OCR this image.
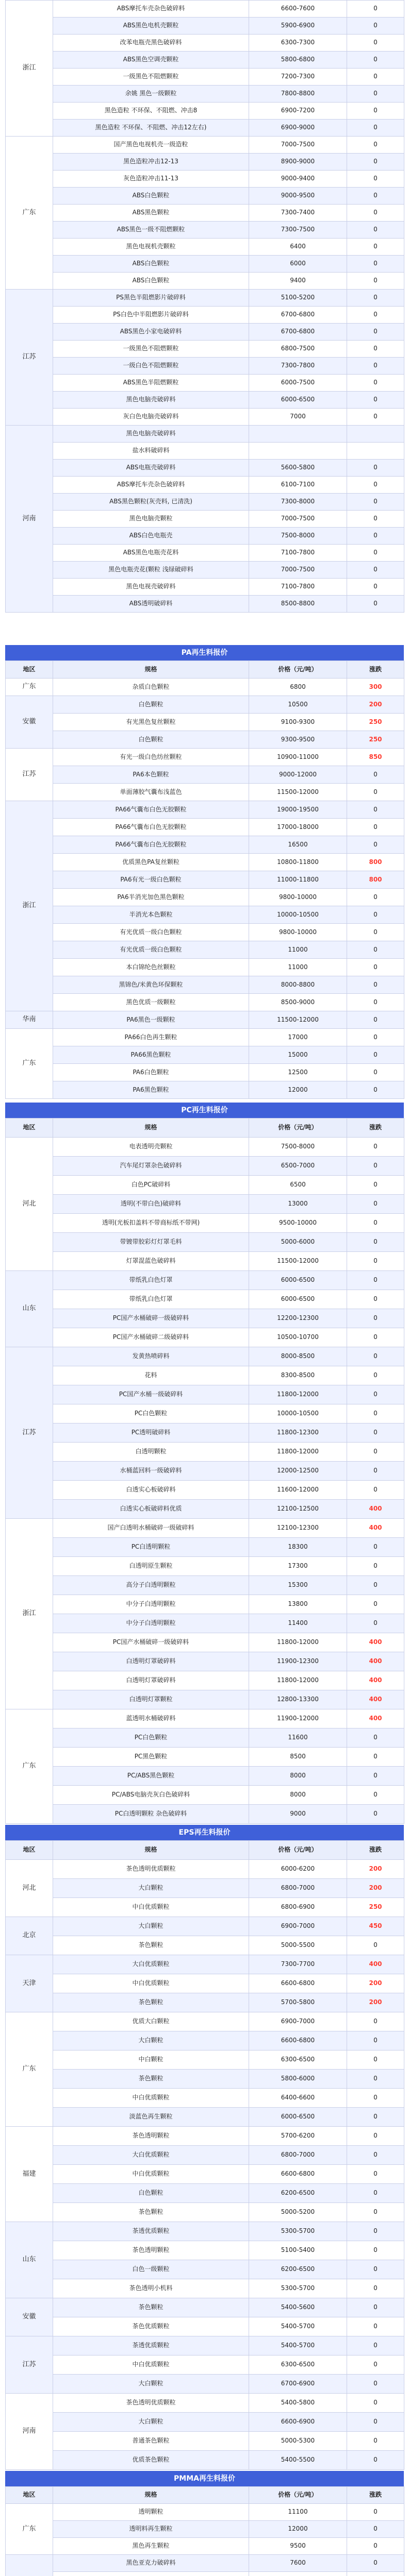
浙江	ABS摩托车壳杂色破碎料	6600-7600	0
	ABS黑色电机壳颗粒	5900-6900	0
	改苯电瓶壳黑色破碎料	6300-7300	0
	ABS黑色空调壳颗粒	5800-6800	0
	一级黑色不阻燃颗粒	7200-7300	0
	余姚 黑色一级颗粒	7800-8800	0
	黑色造粒 不环保、不阻燃、冲击8	6900-7200	0
	黑色造粒 不环保、不阻燃、冲击12左右)	6900-9000	0
广东	国产黑色电视机壳一级造粒	7000-7500	0
	黑色造粒冲击12-13	8900-9000	0
	灰色造粒冲击11-13	9000-9400	0
	ABS白色颗粒	9000-9500	0
	ABS黑色颗粒	7300-7400	0
	ABS黑色一级不阻燃颗粒	7300-7500	0
	黑色电视机壳颗粒	6400	0
	ABS白色颗粒	6000	0
	ABS白色颗粒	9400	0
江苏	PS黑色半阻燃影片破碎料	5100-5200	0
	PS白色中半阻燃影片破碎料	6700-6800	0
	ABS黑色小家电破碎料	6700-6800	0
	一级黑色不阻燃颗粒	6800-7500	0
	一级白色不阻燃颗粒	7300-7800	0
	ABS黑色半阻燃颗粒	6000-7500	0
	黑色电脑壳破碎料	6000-6500	0
	灰白色电脑壳破碎料	7000	0
河南	黑色电脑壳破碎料		
	盐水料破碎料		
	ABS电瓶壳破碎料	5600-5800	0
	ABS摩托车壳杂色破碎料	6100-7100	0
	ABS黑色颗粒(灰壳料, 已清洗)	7300-8000	0
	黑色电脑壳颗粒	7000-7500	0
	ABS白色电瓶壳	7500-8000	0
	ABS黑色电瓶壳花料	7100-7800	0
	黑色电瓶壳花(颗粒 浅绿破碎料	7000-7500	0
	黑色电视壳破碎料	7100-7800	0
	ABS透明破碎料	8500-8800	0
PA再生料报价
地区	规格	价格（元/吨）	涨跌
广东	杂质白色颗粒	6800	300
安徽	白色颗粒	10500	200
	有光黑色复丝颗粒	9100-9300	250
	白色颗粒	9300-9500	250
江苏	有光一级白色纺丝颗粒	10900-11000	850
	PA6本色颗粒	9000-12000	0
	单面薄胶气囊布浅蓝色	11500-12000	0
浙江	PA66气囊布白色无胶颗粒	19000-19500	0
	PA66气囊布白色无胶颗粒	17000-18000	0
	PA66气囊布白色无胶颗粒	16500	0
	优质黑色PA复丝颗粒	10800-11800	800
	PA6有光一级白色颗粒	11000-11800	800
	PA6半消光加色黑色颗粒	9800-10000	0
	半消光本色颗粒	10000-10500	0
	有光优质一级白色颗粒	9800-10000	0
	有光优质一级白色颗粒	11000	0
	本白锦纶色丝颗粒	11000	0
	黑锦色/米黄色环保颗粒	8000-8800	0
	黑色优质一级颗粒	8500-9000	0
华南	PA6黑色一级颗粒	11500-12000	0
广东	PA66白色再生颗粒	17000	0
	PA66黑色颗粒	15000	0
	PA6白色颗粒	12500	0
	PA6黑色颗粒	12000	0
PC再生料报价
地区	规格	价格（元/吨）	涨跌
河北	电表透明壳颗粒	7500-8000	0
	汽车尾灯罩杂色破碎料	6500-7000	0
	白色PC破碎料	6500	0
	透明(不带白色)破碎料	13000	0
	透明(光板扣盖料不带商标纸不带网)	9500-10000	0
	带镀带胶彩灯灯罩毛料	5000-6000	0
	灯罩混蓝色破碎料	11500-12000	0
山东	带纸乳白色灯罩	6000-6500	0
	带纸乳白色灯罩	6000-6500	0
	PC国产水桶破碎一级破碎料	12200-12300	0
	PC国产水桶破碎二级破碎料	10500-10700	0
江苏	发黄热喷碎料	8000-8500	0
	花料	8300-8500	0
	PC国产水桶一级破碎料	11800-12000	0
	PC白色颗粒	10000-10500	0
	PC透明破碎料	11800-12300	0
	白透明颗粒	11800-12000	0
	水桶蓝回料一级破碎料	12000-12500	0
	白透实心板破碎料	11600-12000	0
	白透实心板破碎料优质	12100-12500	400
浙江	国产白透明水桶破碎一级破碎料	12100-12300	400
	PC白透明颗粒	18300	0
	白透明原生颗粒	17300	0
	高分子白透明颗粒	15300	0
	中分子白透明颗粒	13800	0
	中分子白透明颗粒	11400	0
	PC国产水桶破碎一级破碎料	11800-12000	400
	白透明灯罩破碎料	11900-12300	400
	白透明灯罩破碎料	11800-12000	400
	白透明灯罩颗粒	12800-13300	400
广东	蓝透明水桶破碎料	11900-12000	400
	PC白色颗粒	11600	0
	PC黑色颗粒	8500	0
	PC/ABS黑色颗粒	8000	0
	PC/ABS电脑壳灰白色破碎料	8000	0
	PC白透明颗粒 杂色破碎料	9000	0
EPS再生料报价
地区	规格	价格（元/吨）	涨跌
河北	茶色透明优质颗粒	6000-6200	200
	大白颗粒	6800-7000	200
	中白优质颗粒	6800-6900	250
北京	大白颗粒	6900-7000	450
	茶色颗粒	5000-5500	0
天津	大白优质颗粒	7300-7700	400
	中白优质颗粒	6600-6800	200
	茶色颗粒	5700-5800	200
广东	优质大白颗粒	6900-7000	0
	大白颗粒	6600-6800	0
	中白颗粒	6300-6500	0
	茶色颗粒	5800-6000	0
	中白优质颗粒	6400-6600	0
	淡蓝色再生颗粒	6000-6500	0
福建	茶色透明颗粒	5700-6200	0
	大白优质颗粒	6800-7000	0
	中白优质颗粒	6600-6800	0
	白色颗粒	6200-6500	0
	茶色颗粒	5000-5200	0
山东	茶透优质颗粒	5300-5700	0
	茶色透明颗粒	5100-5400	0
	白色一级颗粒	6200-6500	0
	茶色透明小机料	5300-5700	0
安徽	茶色颗粒	5400-5600	0
	茶色优质颗粒	5400-5700	0
江苏	茶透优质颗粒	5400-5700	0
	中白优质颗粒	6300-6500	0
	大白颗粒	6700-6900	0
河南	茶色透明优质颗粒	5400-5800	0
	大白颗粒	6600-6900	0
	普通茶色颗粒	5000-5300	0
	优质茶色颗粒	5400-5500	0
PMMA再生料报价
地区	规格	价格（元/吨）	涨跌
广东	透明颗粒	11100	0
	透明料再生颗粒	12000	0
	黑色再生颗粒	9500	0
	黑色亚克力破碎料	7600	0
